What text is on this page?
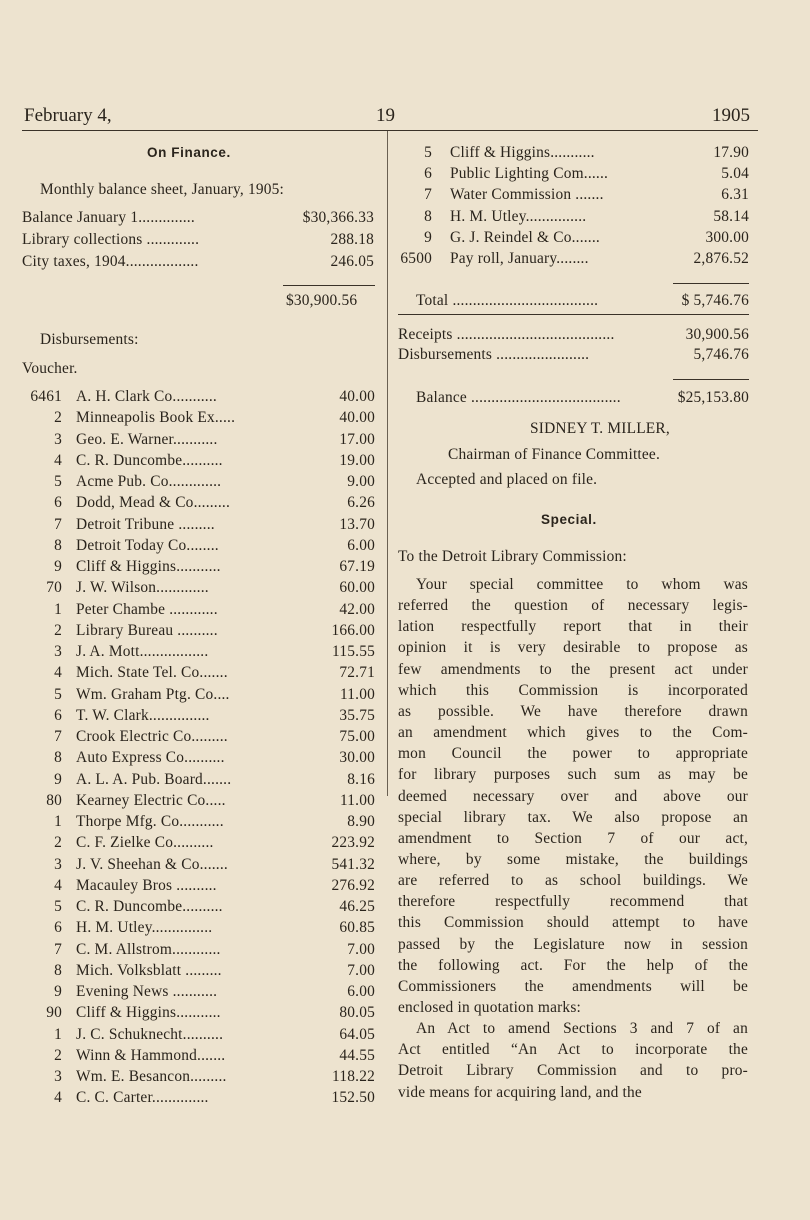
February 4,	19	1905
On Finance.
Monthly balance sheet, January, 1905:
Balance January 1..............	$30,366.33
Library collections .............	288.18
City taxes, 1904..................	246.05
$30,900.56
Disbursements:
Voucher.
6461 A. H. Clark Co...........	40.00
2 Minneapolis Book Ex.....	40.00
3 Geo. E. Warner...........	17.00
4 C. R. Duncombe..........	19.00
5 Acme Pub. Co.............	9.00
6 Dodd, Mead & Co.........	6.26
7 Detroit Tribune .........	13.70
8 Detroit Today Co........	6.00
9 Cliff & Higgins...........	67.19
70 J. W. Wilson.............	60.00
1 Peter Chambe ............	42.00
2 Library Bureau ..........	166.00
3 J. A. Mott.................	115.55
4 Mich. State Tel. Co.......	72.71
5 Wm. Graham Ptg. Co....	11.00
6 T. W. Clark...............	35.75
7 Crook Electric Co.........	75.00
8 Auto Express Co..........	30.00
9 A. L. A. Pub. Board.......	8.16
80 Kearney Electric Co.....	11.00
1 Thorpe Mfg. Co...........	8.90
2 C. F. Zielke Co..........	223.92
3 J. V. Sheehan & Co.......	541.32
4 Macauley Bros ..........	276.92
5 C. R. Duncombe..........	46.25
6 H. M. Utley...............	60.85
7 C. M. Allstrom............	7.00
8 Mich. Volksblatt .........	7.00
9 Evening News ...........	6.00
90 Cliff & Higgins...........	80.05
1 J. C. Schuknecht..........	64.05
2 Winn & Hammond.......	44.55
3 Wm. E. Besancon.........	118.22
4 C. C. Carter..............	152.50
5 Cliff & Higgins...........	17.90
6 Public Lighting Com......	5.04
7 Water Commission .......	6.31
8 H. M. Utley...............	58.14
9 G. J. Reindel & Co.......	300.00
6500 Pay roll, January........	2,876.52
Total ....................................	$ 5,746.76
Receipts .......................................	30,900.56
Disbursements .......................	5,746.76
Balance .....................................	$25,153.80
SIDNEY T. MILLER,
Chairman of Finance Committee.
Accepted and placed on file.
Special.
To the Detroit Library Commission:
Your special committee to whom was
referred the question of necessary legis-
lation respectfully report that in their
opinion it is very desirable to propose as
few amendments to the present act under
which this Commission is incorporated
as possible. We have therefore drawn
an amendment which gives to the Com-
mon Council the power to appropriate
for library purposes such sum as may be
deemed necessary over and above our
special library tax. We also propose an
amendment to Section 7 of our act,
where, by some mistake, the buildings
are referred to as school buildings. We
therefore respectfully recommend that
this Commission should attempt to have
passed by the Legislature now in session
the following act. For the help of the
Commissioners the amendments will be
enclosed in quotation marks:
An Act to amend Sections 3 and 7 of an
Act entitled “An Act to incorporate the
Detroit Library Commission and to pro-
vide means for acquiring land, and the
